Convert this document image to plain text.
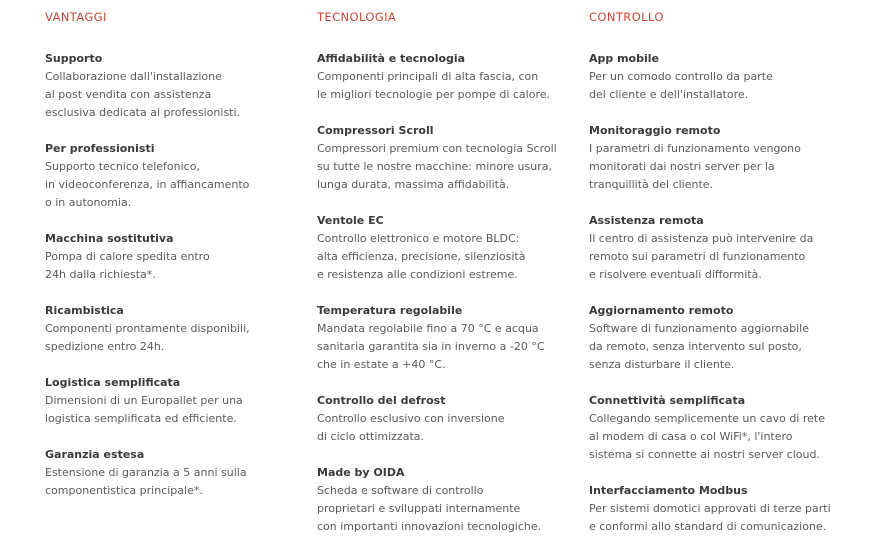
VANTAGGI
Supporto
Collaborazione dall'installazione
al post vendita con assistenza
esclusiva dedicata ai professionisti.
Per professionisti
Supporto tecnico telefonico,
in videoconferenza, in affiancamento
o in autonomia.
Macchina sostitutiva
Pompa di calore spedita entro
24h dalla richiesta*.
Ricambistica
Componenti prontamente disponibili,
spedizione entro 24h.
Logistica semplificata
Dimensioni di un Europallet per una
logistica semplificata ed efficiente.
Garanzia estesa
Estensione di garanzia a 5 anni sulla
componentistica principale*.
TECNOLOGIA
Affidabilità e tecnologia
Componenti principali di alta fascia, con
le migliori tecnologie per pompe di calore.
Compressori Scroll
Compressori premium con tecnologia Scroll
su tutte le nostre macchine: minore usura,
lunga durata, massima affidabilità.
Ventole EC
Controllo elettronico e motore BLDC:
alta efficienza, precisione, silenziosità
e resistenza alle condizioni estreme.
Temperatura regolabile
Mandata regolabile fino a 70 °C e acqua
sanitaria garantita sia in inverno a -20 °C
che in estate a +40 °C.
Controllo del defrost
Controllo esclusivo con inversione
di ciclo ottimizzata.
Made by OIDA
Scheda e software di controllo
proprietari e sviluppati internamente
con importanti innovazioni tecnologiche.
CONTROLLO
App mobile
Per un comodo controllo da parte
del cliente e dell'installatore.
Monitoraggio remoto
I parametri di funzionamento vengono
monitorati dai nostri server per la
tranquillità del cliente.
Assistenza remota
Il centro di assistenza può intervenire da
remoto sui parametri di funzionamento
e risolvere eventuali difformità.
Aggiornamento remoto
Software di funzionamento aggiornabile
da remoto, senza intervento sul posto,
senza disturbare il cliente.
Connettività semplificata
Collegando semplicemente un cavo di rete
al modem di casa o col WiFi*, l'intero
sistema si connette ai nostri server cloud.
Interfacciamento Modbus
Per sistemi domotici approvati di terze parti
e conformi allo standard di comunicazione.
